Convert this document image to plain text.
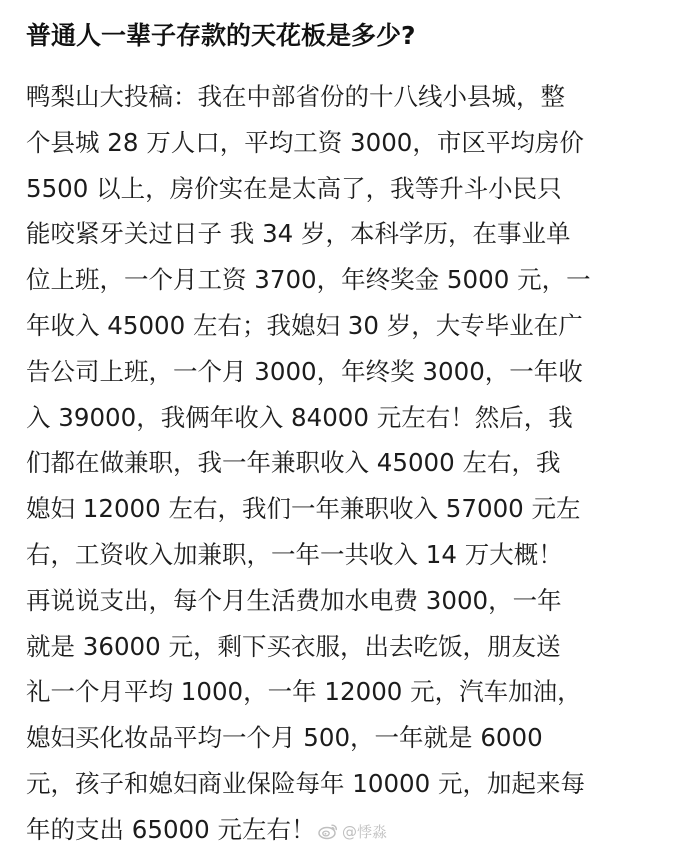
普通人一辈子存款的天花板是多少?
鸭梨山大投稿：我在中部省份的十八线小县城，整
个县城 28 万人口，平均工资 3000，市区平均房价
5500 以上，房价实在是太高了，我等升斗小民只
能咬紧牙关过日子 我 34 岁，本科学历，在事业单
位上班，一个月工资 3700，年终奖金 5000 元，一
年收入 45000 左右；我媳妇 30 岁，大专毕业在广
告公司上班，一个月 3000，年终奖 3000，一年收
入 39000，我俩年收入 84000 元左右！然后，我
们都在做兼职，我一年兼职收入 45000 左右，我
媳妇 12000 左右，我们一年兼职收入 57000 元左
右，工资收入加兼职，一年一共收入 14 万大概！
再说说支出，每个月生活费加水电费 3000，一年
就是 36000 元，剩下买衣服，出去吃饭，朋友送
礼一个月平均 1000，一年 12000 元，汽车加油，
媳妇买化妆品平均一个月 500，一年就是 6000
元，孩子和媳妇商业保险每年 10000 元，加起来每
年的支出 65000 元左右！	@悸淼
